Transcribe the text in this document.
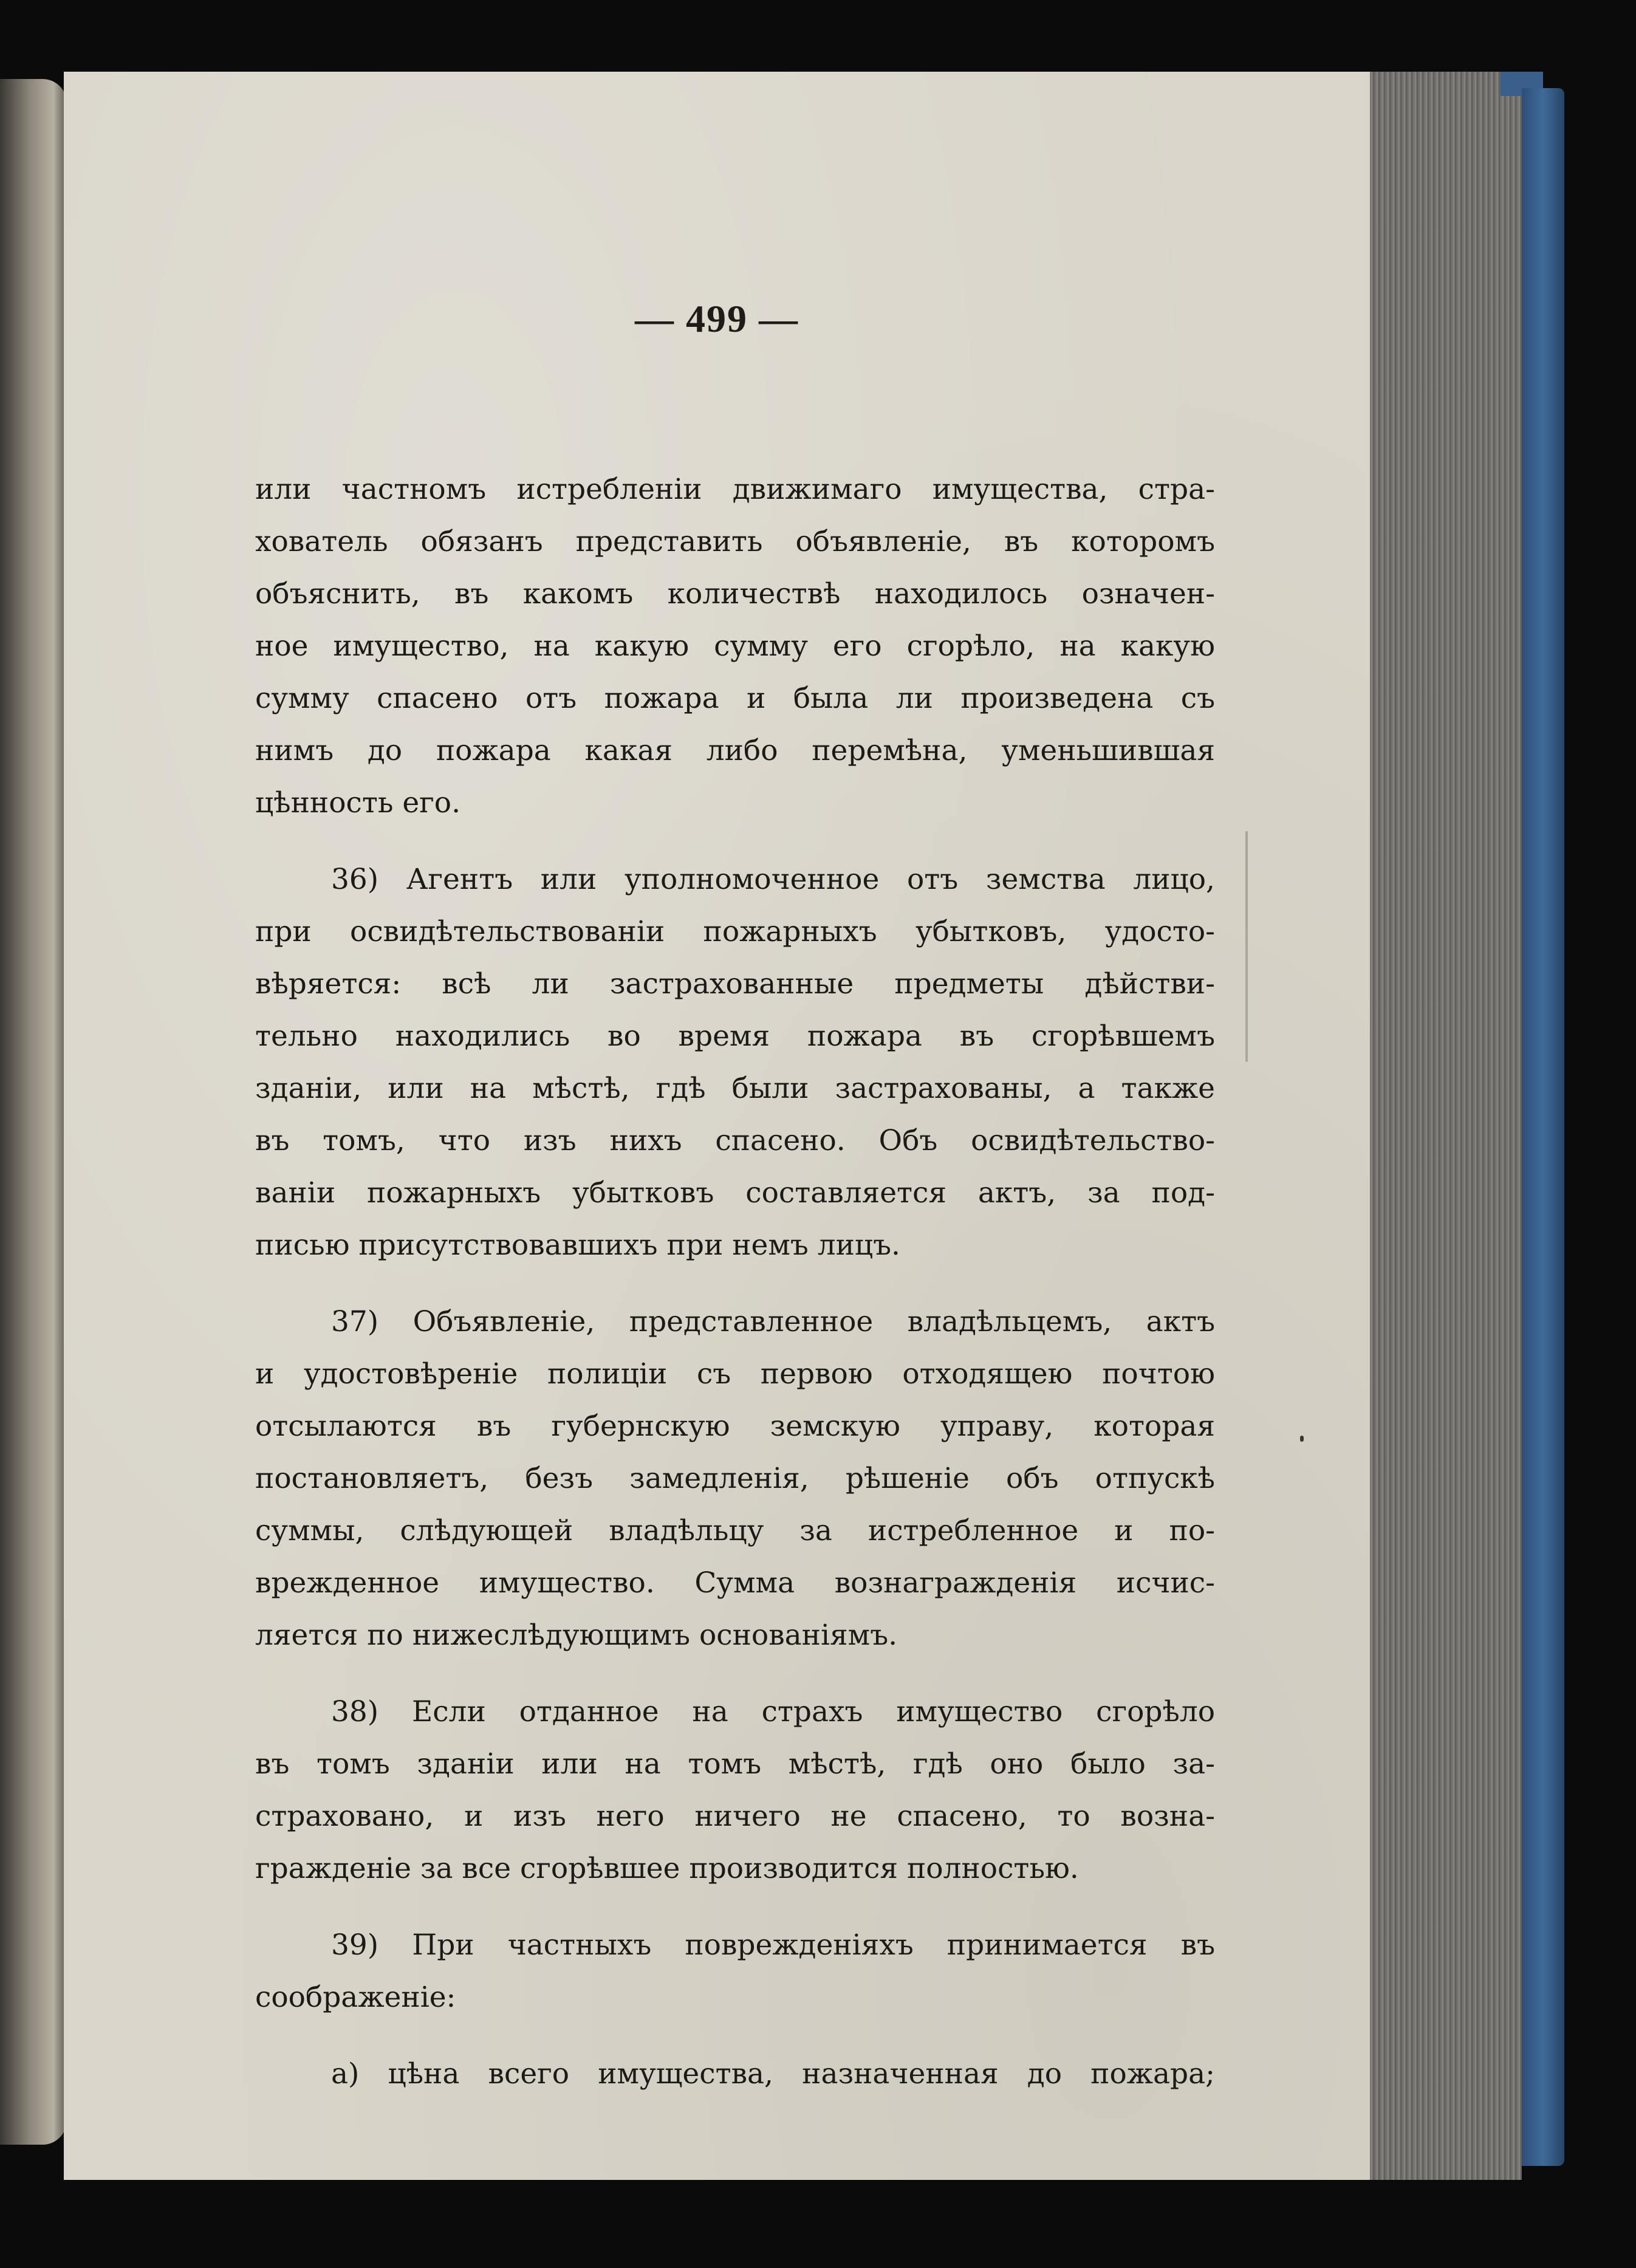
— 499 —
или частномъ истребленіи движимаго имущества, стра-
хователь обязанъ представить объявленіе, въ которомъ
объяснить, въ какомъ количествѣ находилось означен-
ное имущество, на какую сумму его сгорѣло, на какую
сумму спасено отъ пожара и была ли произведена съ
нимъ до пожара какая либо перемѣна, уменьшившая
цѣнность его.
36) Агентъ или уполномоченное отъ земства лицо,
при освидѣтельствованіи пожарныхъ убытковъ, удосто-
вѣряется: всѣ ли застрахованные предметы дѣйстви-
тельно находились во время пожара въ сгорѣвшемъ
зданіи, или на мѣстѣ, гдѣ были застрахованы, а также
въ томъ, что изъ нихъ спасено. Объ освидѣтельство-
ваніи пожарныхъ убытковъ составляется актъ, за под-
писью присутствовавшихъ при немъ лицъ.
37) Объявленіе, представленное владѣльцемъ, актъ
и удостовѣреніе полиціи съ первою отходящею почтою
отсылаются въ губернскую земскую управу, которая
постановляетъ, безъ замедленія, рѣшеніе объ отпускѣ
суммы, слѣдующей владѣльцу за истребленное и по-
врежденное имущество. Сумма вознагражденія исчис-
ляется по нижеслѣдующимъ основаніямъ.
38) Если отданное на страхъ имущество сгорѣло
въ томъ зданіи или на томъ мѣстѣ, гдѣ оно было за-
страховано, и изъ него ничего не спасено, то возна-
гражденіе за все сгорѣвшее производится полностью.
39) При частныхъ поврежденіяхъ принимается въ
соображеніе:
а) цѣна всего имущества, назначенная до пожара;
